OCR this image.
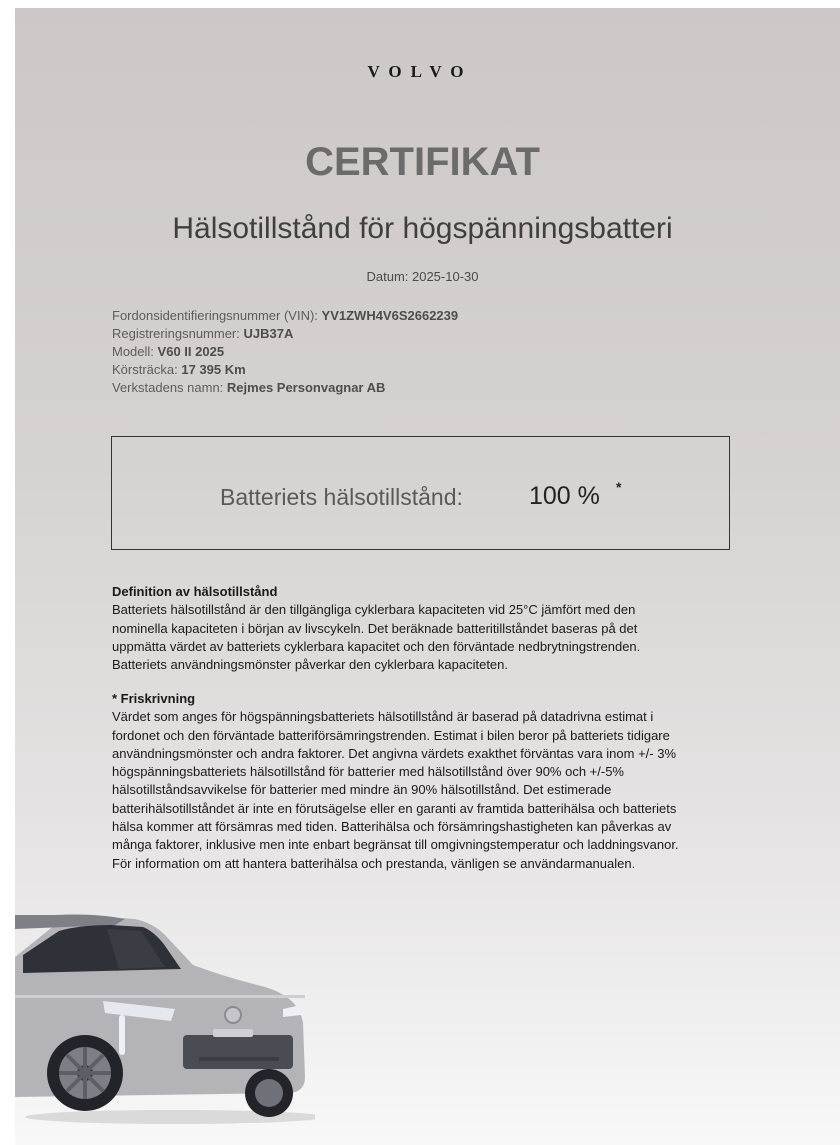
VOLVO
CERTIFIKAT
Hälsotillstånd för högspänningsbatteri
Datum: 2025-10-30
Fordonsidentifieringsnummer (VIN): YV1ZWH4V6S2662239
Registreringsnummer: UJB37A
Modell: V60 II 2025
Körsträcka: 17 395 Km
Verkstadens namn: Rejmes Personvagnar AB
Batteriets hälsotillstånd:	100 % *
Definition av hälsotillstånd

Batteriets hälsotillstånd är den tillgängliga cyklerbara kapaciteten vid 25°C jämfört med den

nominella kapaciteten i början av livscykeln. Det beräknade batteritillståndet baseras på det

uppmätta värdet av batteriets cyklerbara kapacitet och den förväntade nedbrytningstrenden.

Batteriets användningsmönster påverkar den cyklerbara kapaciteten.

* Friskrivning

Värdet som anges för högspänningsbatteriets hälsotillstånd är baserad på datadrivna estimat i

fordonet och den förväntade batteriförsämringstrenden. Estimat i bilen beror på batteriets tidigare

användningsmönster och andra faktorer. Det angivna värdets exakthet förväntas vara inom +/- 3%

högspänningsbatteriets hälsotillstånd för batterier med hälsotillstånd över 90% och +/-5%

hälsotillståndsavvikelse för batterier med mindre än 90% hälsotillstånd. Det estimerade

batterihälsotillståndet är inte en förutsägelse eller en garanti av framtida batterihälsa och batteriets

hälsa kommer att försämras med tiden. Batterihälsa och försämringshastigheten kan påverkas av

många faktorer, inklusive men inte enbart begränsat till omgivningstemperatur och laddningsvanor.

För information om att hantera batterihälsa och prestanda, vänligen se användarmanualen.
